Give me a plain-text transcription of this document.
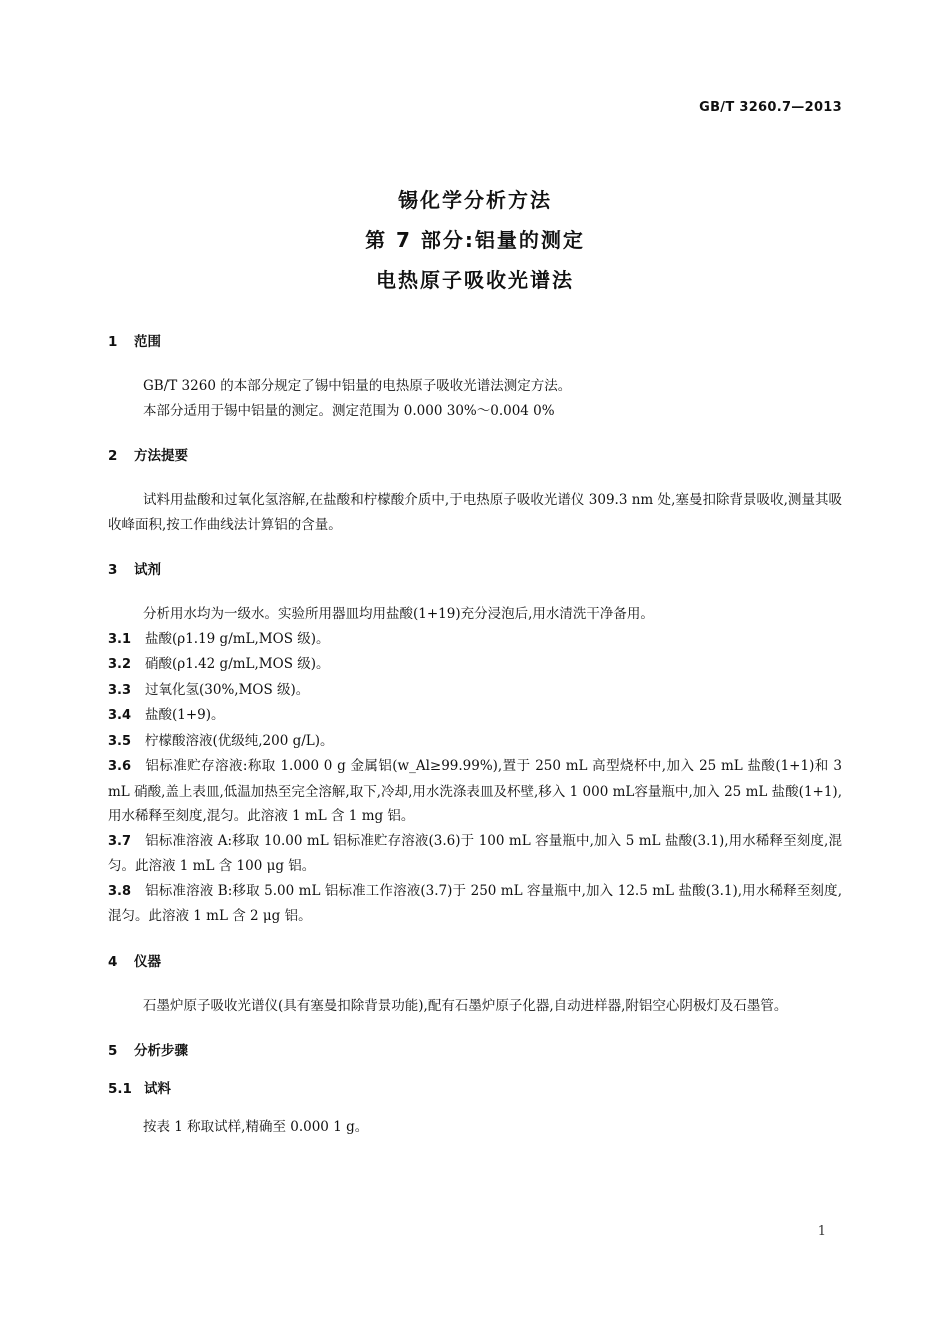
GB/T 3260.7—2013
锡化学分析方法
第 7 部分:铝量的测定
电热原子吸收光谱法

1 范围

GB/T 3260 的本部分规定了锡中铝量的电热原子吸收光谱法测定方法。

本部分适用于锡中铝量的测定。测定范围为 0.000 30%～0.004 0%

2 方法提要

试料用盐酸和过氧化氢溶解,在盐酸和柠檬酸介质中,于电热原子吸收光谱仪 309.3 nm 处,塞曼扣除背景吸收,测量其吸收峰面积,按工作曲线法计算铝的含量。

3 试剂

分析用水均为一级水。实验所用器皿均用盐酸(1+19)充分浸泡后,用水清洗干净备用。

3.1 盐酸(ρ1.19 g/mL,MOS 级)。

3.2 硝酸(ρ1.42 g/mL,MOS 级)。

3.3 过氧化氢(30%,MOS 级)。

3.4 盐酸(1+9)。

3.5 柠檬酸溶液(优级纯,200 g/L)。

3.6 铝标准贮存溶液:称取 1.000 0 g 金属铝(w_Al≥99.99%),置于 250 mL 高型烧杯中,加入 25 mL 盐酸(1+1)和 3 mL 硝酸,盖上表皿,低温加热至完全溶解,取下,冷却,用水洗涤表皿及杯壁,移入 1 000 mL容量瓶中,加入 25 mL 盐酸(1+1),用水稀释至刻度,混匀。此溶液 1 mL 含 1 mg 铝。

3.7 铝标准溶液 A:移取 10.00 mL 铝标准贮存溶液(3.6)于 100 mL 容量瓶中,加入 5 mL 盐酸(3.1),用水稀释至刻度,混匀。此溶液 1 mL 含 100 μg 铝。

3.8 铝标准溶液 B:移取 5.00 mL 铝标准工作溶液(3.7)于 250 mL 容量瓶中,加入 12.5 mL 盐酸(3.1),用水稀释至刻度,混匀。此溶液 1 mL 含 2 μg 铝。

4 仪器

石墨炉原子吸收光谱仪(具有塞曼扣除背景功能),配有石墨炉原子化器,自动进样器,附铝空心阴极灯及石墨管。

5 分析步骤

5.1 试料

按表 1 称取试样,精确至 0.000 1 g。

1
